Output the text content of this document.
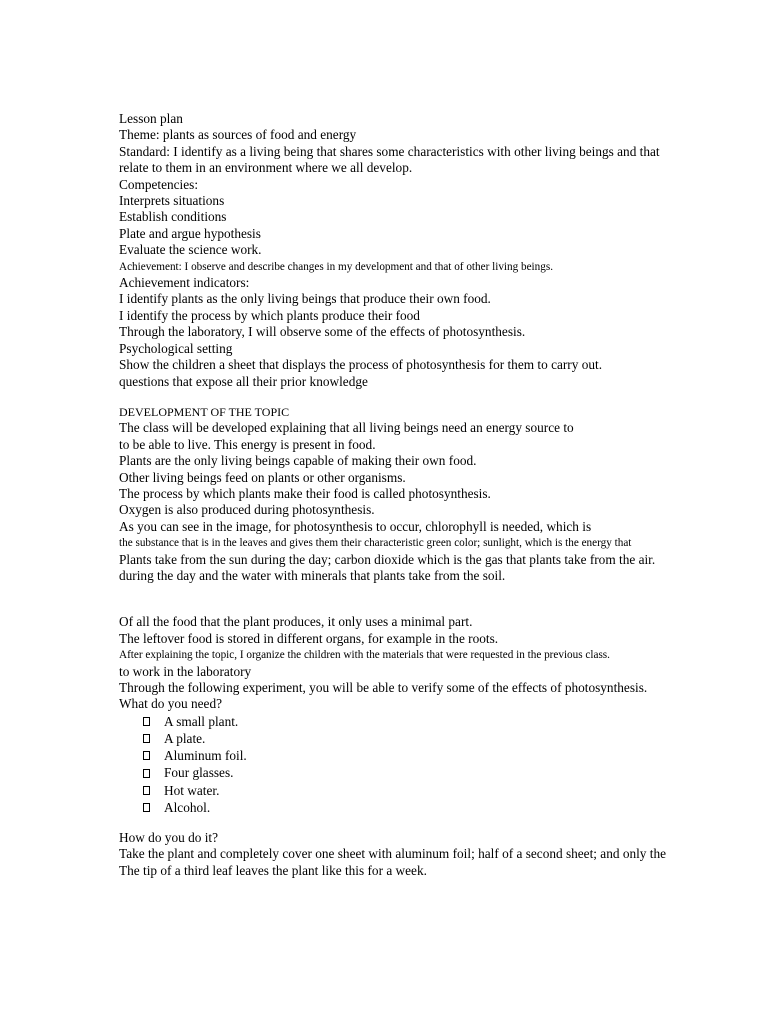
Lesson plan
Theme: plants as sources of food and energy
Standard: I identify as a living being that shares some characteristics with other living beings and that
relate to them in an environment where we all develop.
Competencies:
Interprets situations
Establish conditions
Plate and argue hypothesis
Evaluate the science work.
Achievement: I observe and describe changes in my development and that of other living beings.
Achievement indicators:
I identify plants as the only living beings that produce their own food.
I identify the process by which plants produce their food
Through the laboratory, I will observe some of the effects of photosynthesis.
Psychological setting
Show the children a sheet that displays the process of photosynthesis for them to carry out.
questions that expose all their prior knowledge
DEVELOPMENT OF THE TOPIC
The class will be developed explaining that all living beings need an energy source to
to be able to live. This energy is present in food.
Plants are the only living beings capable of making their own food.
Other living beings feed on plants or other organisms.
The process by which plants make their food is called photosynthesis.
Oxygen is also produced during photosynthesis.
As you can see in the image, for photosynthesis to occur, chlorophyll is needed, which is
the substance that is in the leaves and gives them their characteristic green color; sunlight, which is the energy that
Plants take from the sun during the day; carbon dioxide which is the gas that plants take from the air.
during the day and the water with minerals that plants take from the soil.
Of all the food that the plant produces, it only uses a minimal part.
The leftover food is stored in different organs, for example in the roots.
After explaining the topic, I organize the children with the materials that were requested in the previous class.
to work in the laboratory
Through the following experiment, you will be able to verify some of the effects of photosynthesis.
What do you need?
A small plant.
A plate.
Aluminum foil.
Four glasses.
Hot water.
Alcohol.
How do you do it?
Take the plant and completely cover one sheet with aluminum foil; half of a second sheet; and only the
The tip of a third leaf leaves the plant like this for a week.
